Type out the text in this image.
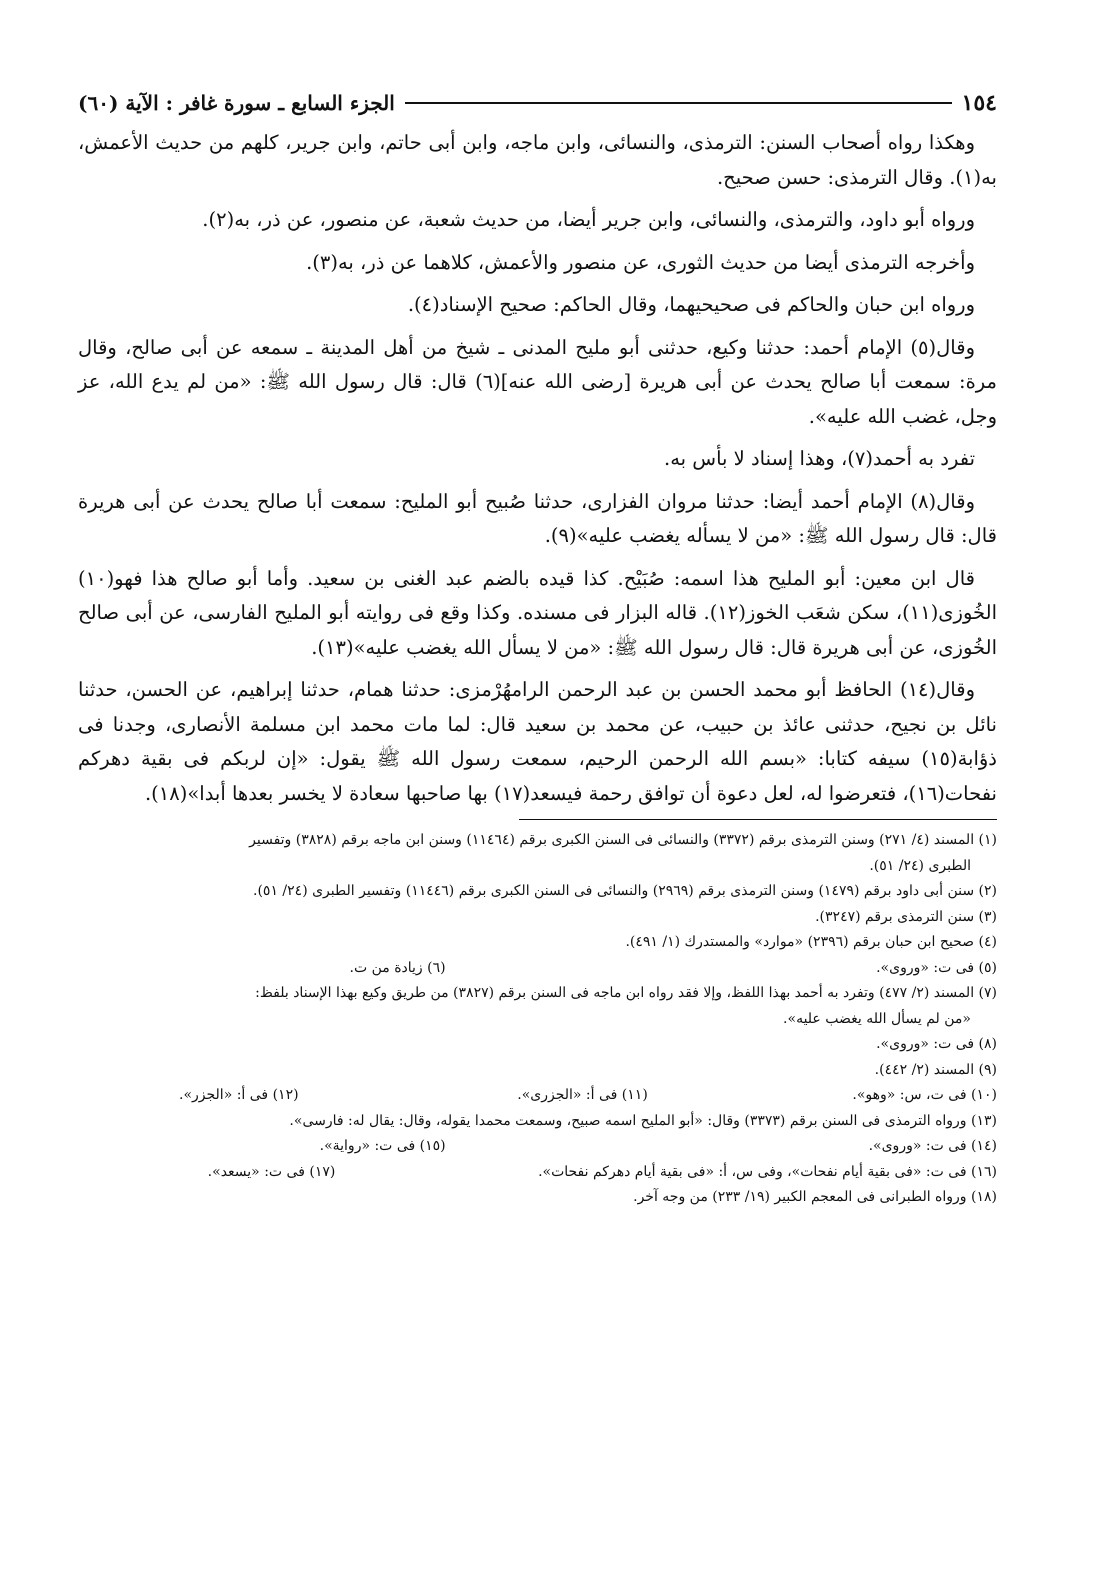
١٥٤
الجزء السابع ـ سورة غافر : الآية (٦٠)

وهكذا رواه أصحاب السنن: الترمذى، والنسائى، وابن ماجه، وابن أبى حاتم، وابن جرير، كلهم من حديث الأعمش، به(١). وقال الترمذى: حسن صحيح.

ورواه أبو داود، والترمذى، والنسائى، وابن جرير أيضا، من حديث شعبة، عن منصور، عن ذر، به(٢).

وأخرجه الترمذى أيضا من حديث الثورى، عن منصور والأعمش، كلاهما عن ذر، به(٣).

ورواه ابن حبان والحاكم فى صحيحيهما، وقال الحاكم: صحيح الإسناد(٤).

وقال(٥) الإمام أحمد: حدثنا وكيع، حدثنى أبو مليح المدنى ـ شيخ من أهل المدينة ـ سمعه عن أبى صالح، وقال مرة: سمعت أبا صالح يحدث عن أبى هريرة [رضى الله عنه](٦) قال: قال رسول الله ﷺ: «من لم يدع الله، عز وجل، غضب الله عليه».

تفرد به أحمد(٧)، وهذا إسناد لا بأس به.

وقال(٨) الإمام أحمد أيضا: حدثنا مروان الفزارى، حدثنا صُبيح أبو المليح: سمعت أبا صالح يحدث عن أبى هريرة قال: قال رسول الله ﷺ: «من لا يسأله يغضب عليه»(٩).

قال ابن معين: أبو المليح هذا اسمه: صُبَيْح. كذا قيده بالضم عبد الغنى بن سعيد. وأما أبو صالح هذا فهو(١٠) الخُوزى(١١)، سكن شعَب الخوز(١٢). قاله البزار فى مسنده. وكذا وقع فى روايته أبو المليح الفارسى، عن أبى صالح الخُوزى، عن أبى هريرة قال: قال رسول الله ﷺ: «من لا يسأل الله يغضب عليه»(١٣).

وقال(١٤) الحافظ أبو محمد الحسن بن عبد الرحمن الرامهُرْمزى: حدثنا همام، حدثنا إبراهيم، عن الحسن، حدثنا نائل بن نجيح، حدثنى عائذ بن حبيب، عن محمد بن سعيد قال: لما مات محمد ابن مسلمة الأنصارى، وجدنا فى ذؤابة(١٥) سيفه كتابا: «بسم الله الرحمن الرحيم، سمعت رسول الله ﷺ يقول: «إن لربكم فى بقية دهركم نفحات(١٦)، فتعرضوا له، لعل دعوة أن توافق رحمة فيسعد(١٧) بها صاحبها سعادة لا يخسر بعدها أبدا»(١٨).

(١) المسند (٤/ ٢٧١) وسنن الترمذى برقم (٣٣٧٢) والنسائى فى السنن الكبرى برقم (١١٤٦٤) وسنن ابن ماجه برقم (٣٨٢٨) وتفسير

الطبرى (٢٤/ ٥١).

(٢) سنن أبى داود برقم (١٤٧٩) وسنن الترمذى برقم (٢٩٦٩) والنسائى فى السنن الكبرى برقم (١١٤٤٦) وتفسير الطبرى (٢٤/ ٥١).

(٣) سنن الترمذى برقم (٣٢٤٧).

(٤) صحيح ابن حبان برقم (٢٣٩٦) «موارد» والمستدرك (١/ ٤٩١).

(٥) فى ت: «وروى».
(٦) زيادة من ت.

(٧) المسند (٢/ ٤٧٧) وتفرد به أحمد بهذا اللفظ، وإلا فقد رواه ابن ماجه فى السنن برقم (٣٨٢٧) من طريق وكيع بهذا الإسناد بلفظ:

«من لم يسأل الله يغضب عليه».

(٨) فى ت: «وروى».

(٩) المسند (٢/ ٤٤٢).

(١٠) فى ت، س: «وهو».
(١١) فى أ: «الجزرى».
(١٢) فى أ: «الجزر».

(١٣) ورواه الترمذى فى السنن برقم (٣٣٧٣) وقال: «أبو المليح اسمه صبيح، وسمعت محمدا يقوله، وقال: يقال له: فارسى».

(١٤) فى ت: «وروى».
(١٥) فى ت: «رواية».
(١٦) فى ت: «فى بقية أيام نفحات»، وفى س، أ: «فى بقية أيام دهركم نفحات».
(١٧) فى ت: «يسعد».

(١٨) ورواه الطبرانى فى المعجم الكبير (١٩/ ٢٣٣) من وجه آخر.
